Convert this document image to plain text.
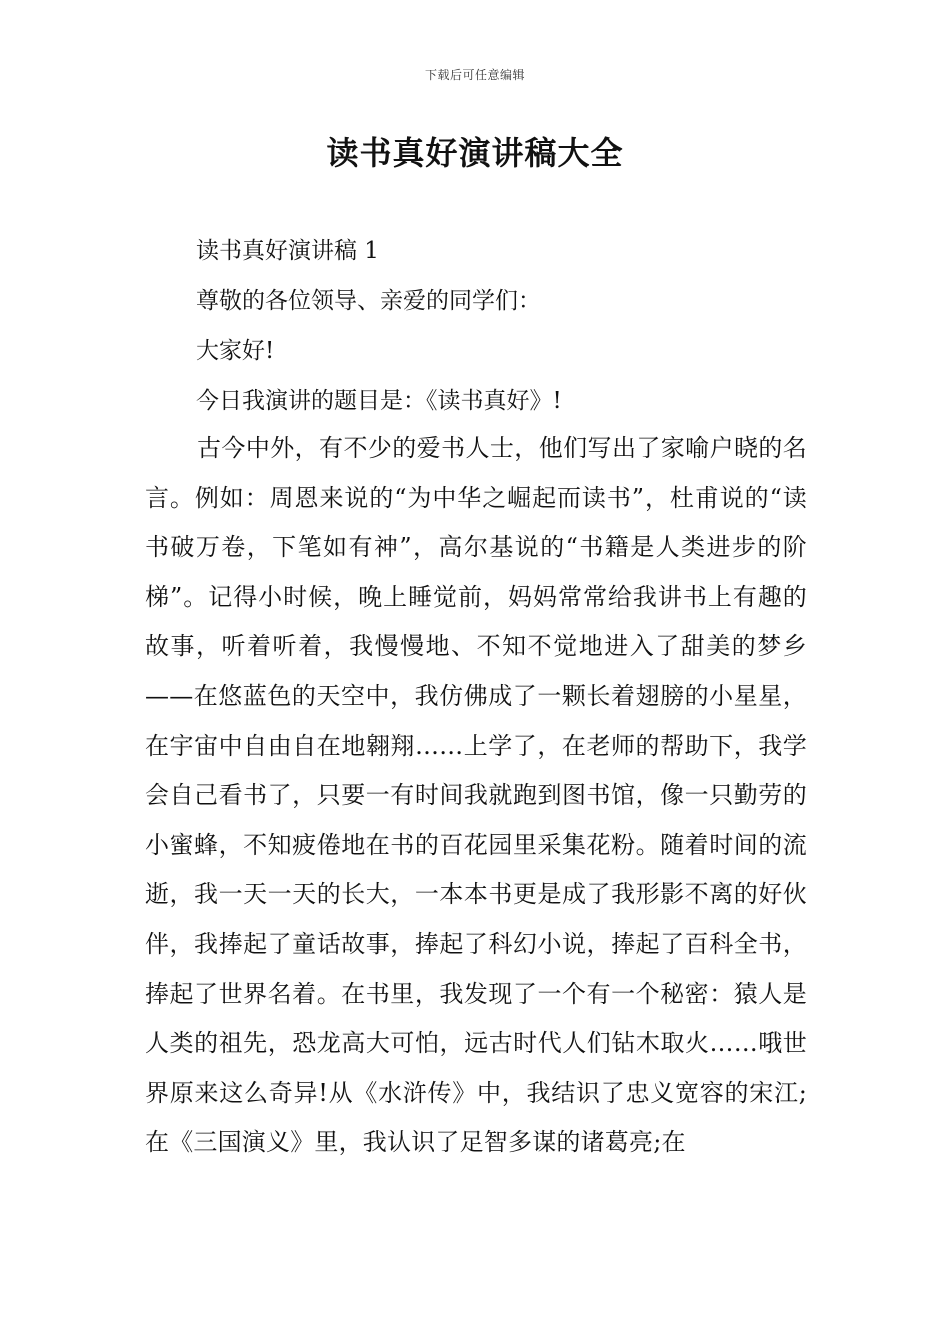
下载后可任意编辑
读书真好演讲稿大全
读书真好演讲稿 1
尊敬的各位领导、亲爱的同学们：
大家好!
今日我演讲的题目是：《读书真好》!

古今中外，有不少的爱书人士，他们写出了家喻户晓的名言。例如：周恩来说的“为中华之崛起而读书”，杜甫说的“读书破万卷，下笔如有神”，高尔基说的“书籍是人类进步的阶梯”。记得小时候，晚上睡觉前，妈妈常常给我讲书上有趣的故事，听着听着，我慢慢地、不知不觉地进入了甜美的梦乡——在悠蓝色的天空中，我仿佛成了一颗长着翅膀的小星星，在宇宙中自由自在地翱翔……上学了，在老师的帮助下，我学会自己看书了，只要一有时间我就跑到图书馆，像一只勤劳的小蜜蜂，不知疲倦地在书的百花园里采集花粉。随着时间的流逝，我一天一天的长大，一本本书更是成了我形影不离的好伙伴，我捧起了童话故事，捧起了科幻小说，捧起了百科全书，捧起了世界名着。在书里，我发现了一个有一个秘密：猿人是人类的祖先，恐龙高大可怕，远古时代人们钻木取火……哦世界原来这么奇异!从《水浒传》中，我结识了忠义宽容的宋江;在《三国演义》里，我认识了足智多谋的诸葛亮;在
